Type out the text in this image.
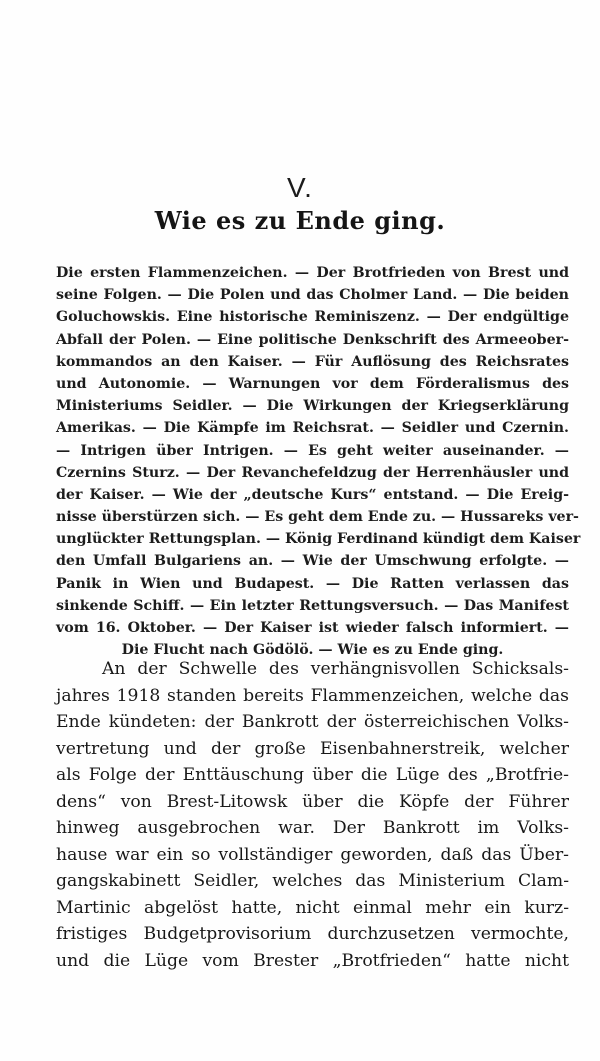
V.
Wie es zu Ende ging.
Die ersten Flammenzeichen. — Der Brotfrieden von Brest und
seine Folgen. — Die Polen und das Cholmer Land. — Die beiden
Goluchowskis. Eine historische Reminiszenz. — Der endgültige
Abfall der Polen. — Eine politische Denkschrift des Armeeober-
kommandos an den Kaiser. — Für Auflösung des Reichsrates
und Autonomie. — Warnungen vor dem Förderalismus des
Ministeriums Seidler. — Die Wirkungen der Kriegserklärung
Amerikas. — Die Kämpfe im Reichsrat. — Seidler und Czernin.
— Intrigen über Intrigen. — Es geht weiter auseinander. —
Czernins Sturz. — Der Revanchefeldzug der Herrenhäusler und
der Kaiser. — Wie der „deutsche Kurs“ entstand. — Die Ereig-
nisse überstürzen sich. — Es geht dem Ende zu. — Hussareks ver-
unglückter Rettungsplan. — König Ferdinand kündigt dem Kaiser
den Umfall Bulgariens an. — Wie der Umschwung erfolgte. —
Panik in Wien und Budapest. — Die Ratten verlassen das
sinkende Schiff. — Ein letzter Rettungsversuch. — Das Manifest
vom 16. Oktober. — Der Kaiser ist wieder falsch informiert. —
Die Flucht nach Gödölö. — Wie es zu Ende ging.
An der Schwelle des verhängnisvollen Schicksals-
jahres 1918 standen bereits Flammenzeichen, welche das
Ende kündeten: der Bankrott der österreichischen Volks-
vertretung und der große Eisenbahnerstreik, welcher
als Folge der Enttäuschung über die Lüge des „Brotfrie-
dens“ von Brest-Litowsk über die Köpfe der Führer
hinweg ausgebrochen war. Der Bankrott im Volks-
hause war ein so vollständiger geworden, daß das Über-
gangskabinett Seidler, welches das Ministerium Clam-
Martinic abgelöst hatte, nicht einmal mehr ein kurz-
fristiges Budgetprovisorium durchzusetzen vermochte,
und die Lüge vom Brester „Brotfrieden“ hatte nicht
